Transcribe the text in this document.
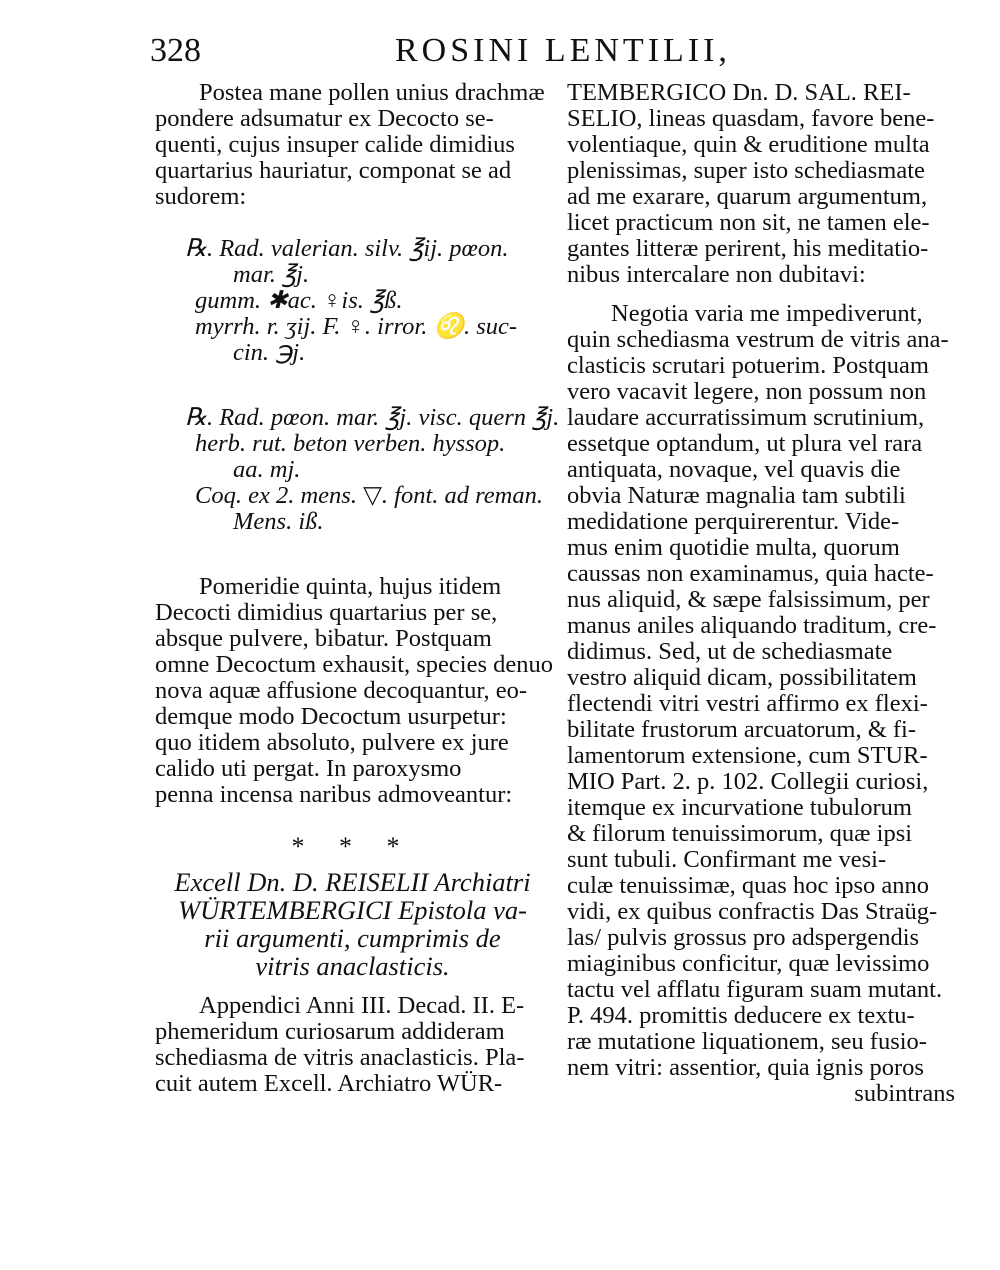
328	ROSINI LENTILII,
Postea mane pollen unius drachmæ
pondere adsumatur ex Decocto se-
quenti, cujus insuper calide dimidius
quartarius hauriatur, componat se ad
sudorem:
℞. Rad. valerian. silv. ℥ij. pœon.
mar. ℥j.
gumm. ✱ac. ♀is. ℥ß.
myrrh. r. ʒij. F. ♀. irror. ♌. suc-
cin. ℈j.
℞. Rad. pœon. mar. ℥j. visc. quern ℥j.
herb. rut. beton verben. hyssop.
aa. mj.
Coq. ex 2. mens. ▽. font. ad reman.
Mens. iß.
Pomeridie quinta, hujus itidem
Decocti dimidius quartarius per se,
absque pulvere, bibatur. Postquam
omne Decoctum exhausit, species denuo
nova aquæ affusione decoquantur, eo-
demque modo Decoctum usurpetur:
quo itidem absoluto, pulvere ex jure
calido uti pergat. In paroxysmo
penna incensa naribus admoveantur:
* * *
Excell Dn. D. REISELII Archiatri
WÜRTEMBERGICI Epistola va-
rii argumenti, cumprimis de
vitris anaclasticis.
Appendici Anni III. Decad. II. E-
phemeridum curiosarum addideram
schediasma de vitris anaclasticis. Pla-
cuit autem Excell. Archiatro WÜR-
TEMBERGICO Dn. D. SAL. REI-
SELIO, lineas quasdam, favore bene-
volentiaque, quin & eruditione multa
plenissimas, super isto schediasmate
ad me exarare, quarum argumentum,
licet practicum non sit, ne tamen ele-
gantes litteræ perirent, his meditatio-
nibus intercalare non dubitavi:
Negotia varia me impediverunt,
quin schediasma vestrum de vitris ana-
clasticis scrutari potuerim. Postquam
vero vacavit legere, non possum non
laudare accurratissimum scrutinium,
essetque optandum, ut plura vel rara
antiquata, novaque, vel quavis die
obvia Naturæ magnalia tam subtili
medidatione perquirerentur. Vide-
mus enim quotidie multa, quorum
caussas non examinamus, quia hacte-
nus aliquid, & sæpe falsissimum, per
manus aniles aliquando traditum, cre-
didimus. Sed, ut de schediasmate
vestro aliquid dicam, possibilitatem
flectendi vitri vestri affirmo ex flexi-
bilitate frustorum arcuatorum, & fi-
lamentorum extensione, cum STUR-
MIO Part. 2. p. 102. Collegii curiosi,
itemque ex incurvatione tubulorum
& filorum tenuissimorum, quæ ipsi
sunt tubuli. Confirmant me vesi-
culæ tenuissimæ, quas hoc ipso anno
vidi, ex quibus confractis Das Straüg-
las/ pulvis grossus pro adspergendis
miaginibus conficitur, quæ levissimo
tactu vel afflatu figuram suam mutant.
P. 494. promittis deducere ex textu-
ræ mutatione liquationem, seu fusio-
nem vitri: assentior, quia ignis poros
subintrans
